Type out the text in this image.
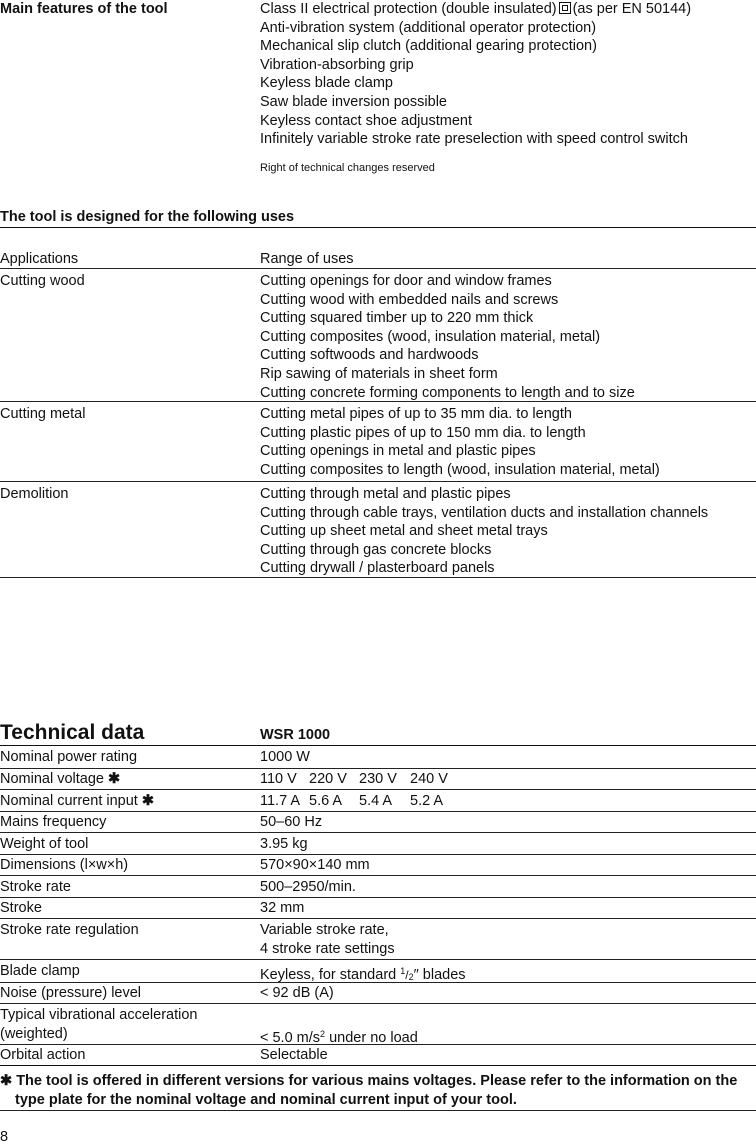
Main features of the tool	Class II electrical protection (double insulated) (as per EN 50144)
Anti-vibration system (additional operator protection)
Mechanical slip clutch (additional gearing protection)
Vibration-absorbing grip
Keyless blade clamp
Saw blade inversion possible
Keyless contact shoe adjustment
Infinitely variable stroke rate preselection with speed control switch
Right of technical changes reserved
The tool is designed for the following uses
Applications	Range of uses
Cutting wood	Cutting openings for door and window frames
Cutting wood with embedded nails and screws
Cutting squared timber up to 220 mm thick
Cutting composites (wood, insulation material, metal)
Cutting softwoods and hardwoods
Rip sawing of materials in sheet form
Cutting concrete forming components to length and to size
Cutting metal	Cutting metal pipes of up to 35 mm dia. to length
Cutting plastic pipes of up to 150 mm dia. to length
Cutting openings in metal and plastic pipes
Cutting composites to length (wood, insulation material, metal)
Demolition	Cutting through metal and plastic pipes
Cutting through cable trays, ventilation ducts and installation channels
Cutting up sheet metal and sheet metal trays
Cutting through gas concrete blocks
Cutting drywall / plasterboard panels
Technical data	WSR 1000
Nominal power rating	1000 W
Nominal voltage ✱	110 V 220 V 230 V 240 V
Nominal current input ✱	11.7 A 5.6 A 5.4 A 5.2 A
Mains frequency	50–60 Hz
Weight of tool	3.95 kg
Dimensions (l×w×h)	570×90×140 mm
Stroke rate	500–2950/min.
Stroke	32 mm
Stroke rate regulation	Variable stroke rate,
4 stroke rate settings
Blade clamp	Keyless, for standard $^1$/2″ blades
Noise (pressure) level	< 92 dB (A)
Typical vibrational acceleration
(weighted)	< 5.0 $m/s^2$ under no load
Orbital action	Selectable
✱ The tool is offered in different versions for various mains voltages. Please refer to the information on the
type plate for the nominal voltage and nominal current input of your tool.
8
